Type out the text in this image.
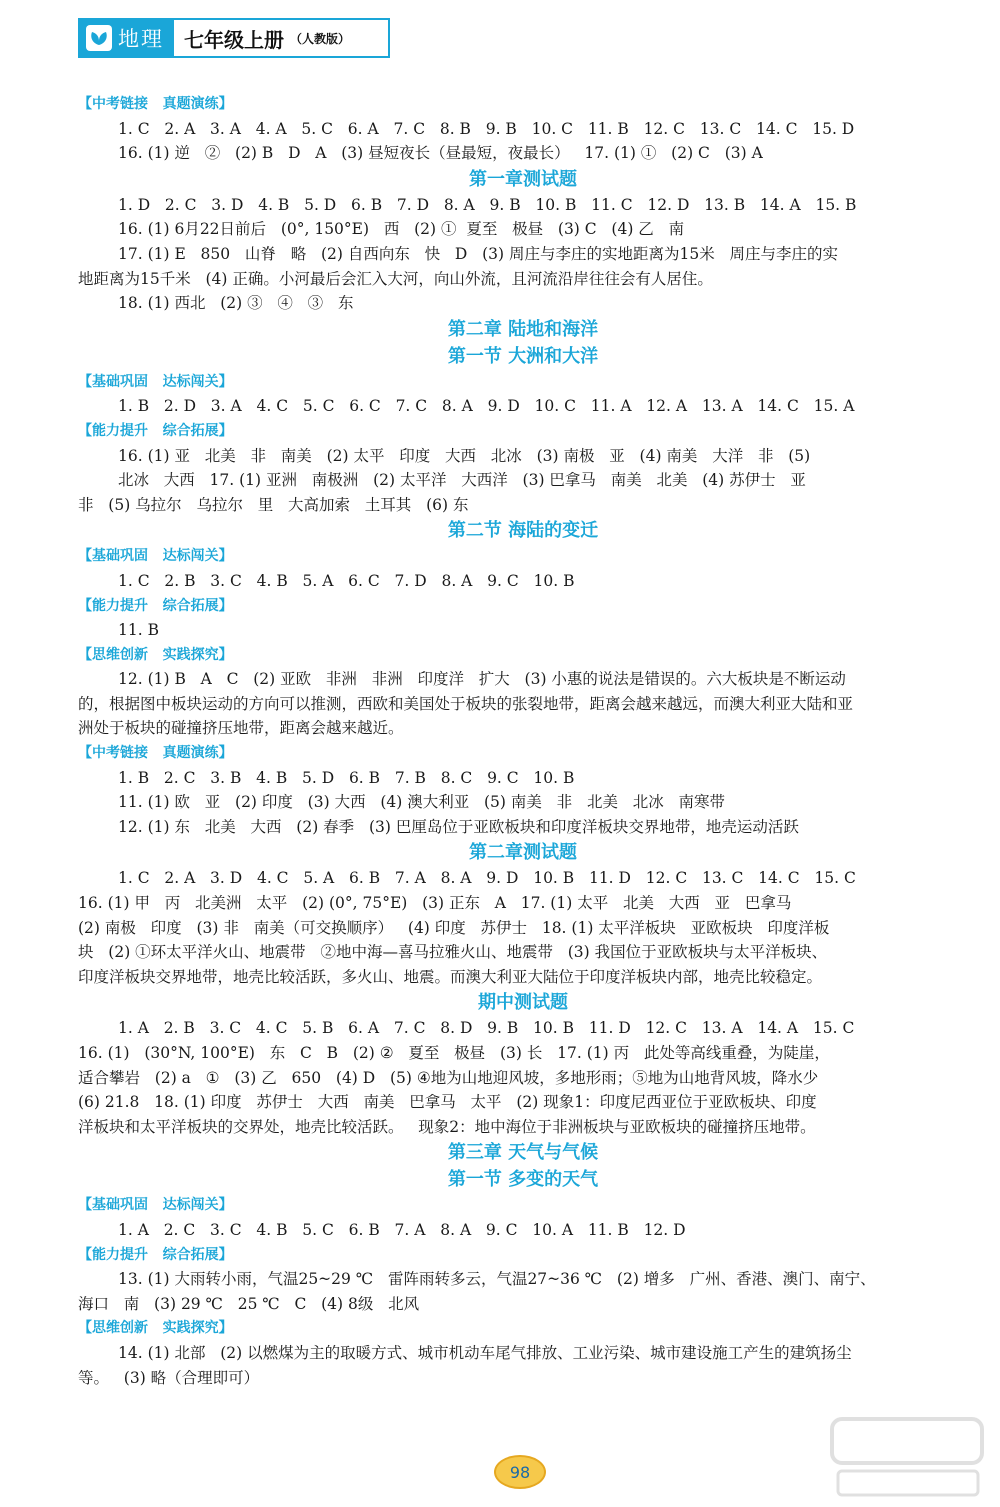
地理 七年级上册 （人教版）
【中考链接   真题演练】
1. C   2. A   3. A   4. A   5. C   6. A   7. C   8. B   9. B   10. C   11. B   12. C   13. C   14. C   15. D
16. (1) 逆   ②   (2) B   D   A   (3) 昼短夜长（昼最短，夜最长）   17. (1) ①   (2) C   (3) A
第一章测试题
1. D   2. C   3. D   4. B   5. D   6. B   7. D   8. A   9. B   10. B   11. C   12. D   13. B   14. A   15. B
16. (1) 6月22日前后   (0°, 150°E)   西   (2) ①  夏至   极昼   (3) C   (4) 乙   南
17. (1) E   850   山脊   略   (2) 自西向东   快   D   (3) 周庄与李庄的实地距离为15米   周庄与李庄的实
地距离为15千米   (4) 正确。小河最后会汇入大河，向山外流，且河流沿岸往往会有人居住。
18. (1) 西北   (2) ③   ④   ③   东
第二章 陆地和海洋
第一节 大洲和大洋
【基础巩固   达标闯关】
1. B   2. D   3. A   4. C   5. C   6. C   7. C   8. A   9. D   10. C   11. A   12. A   13. A   14. C   15. A
【能力提升   综合拓展】
16. (1) 亚   北美   非   南美   (2) 太平   印度   大西   北冰   (3) 南极   亚   (4) 南美   大洋   非   (5)
北冰   大西   17. (1) 亚洲   南极洲   (2) 太平洋   大西洋   (3) 巴拿马   南美   北美   (4) 苏伊士   亚
非   (5) 乌拉尔   乌拉尔   里   大高加索   土耳其   (6) 东
第二节 海陆的变迁
【基础巩固   达标闯关】
1. C   2. B   3. C   4. B   5. A   6. C   7. D   8. A   9. C   10. B
【能力提升   综合拓展】
11. B
【思维创新   实践探究】
12. (1) B   A   C   (2) 亚欧   非洲   非洲   印度洋   扩大   (3) 小惠的说法是错误的。六大板块是不断运动
的，根据图中板块运动的方向可以推测，西欧和美国处于板块的张裂地带，距离会越来越远，而澳大利亚大陆和亚
洲处于板块的碰撞挤压地带，距离会越来越近。
【中考链接   真题演练】
1. B   2. C   3. B   4. B   5. D   6. B   7. B   8. C   9. C   10. B
11. (1) 欧   亚   (2) 印度   (3) 大西   (4) 澳大利亚   (5) 南美   非   北美   北冰   南寒带
12. (1) 东   北美   大西   (2) 春季   (3) 巴厘岛位于亚欧板块和印度洋板块交界地带，地壳运动活跃
第二章测试题
1. C   2. A   3. D   4. C   5. A   6. B   7. A   8. A   9. D   10. B   11. D   12. C   13. C   14. C   15. C
16. (1) 甲   丙   北美洲   太平   (2) (0°, 75°E)   (3) 正东   A   17. (1) 太平   北美   大西   亚   巴拿马
(2) 南极   印度   (3) 非   南美（可交换顺序）   (4) 印度   苏伊士   18. (1) 太平洋板块   亚欧板块   印度洋板
块   (2) ①环太平洋火山、地震带   ②地中海—喜马拉雅火山、地震带   (3) 我国位于亚欧板块与太平洋板块、
印度洋板块交界地带，地壳比较活跃，多火山、地震。而澳大利亚大陆位于印度洋板块内部，地壳比较稳定。
期中测试题
1. A   2. B   3. C   4. C   5. B   6. A   7. C   8. D   9. B   10. B   11. D   12. C   13. A   14. A   15. C
16. (1)   (30°N, 100°E)   东   C   B   (2) ②   夏至   极昼   (3) 长   17. (1) 丙   此处等高线重叠，为陡崖，
适合攀岩   (2) a   ①   (3) 乙   650   (4) D   (5) ④地为山地迎风坡，多地形雨；⑤地为山地背风坡，降水少
(6) 21.8   18. (1) 印度   苏伊士   大西   南美   巴拿马   太平   (2) 现象1：印度尼西亚位于亚欧板块、印度
洋板块和太平洋板块的交界处，地壳比较活跃。   现象2：地中海位于非洲板块与亚欧板块的碰撞挤压地带。
第三章 天气与气候
第一节 多变的天气
【基础巩固   达标闯关】
1. A   2. C   3. C   4. B   5. C   6. B   7. A   8. A   9. C   10. A   11. B   12. D
【能力提升   综合拓展】
13. (1) 大雨转小雨，气温25~29 ℃   雷阵雨转多云，气温27~36 ℃   (2) 增多   广州、香港、澳门、南宁、
海口   南   (3) 29 ℃   25 ℃   C   (4) 8级   北风
【思维创新   实践探究】
14. (1) 北部   (2) 以燃煤为主的取暖方式、城市机动车尾气排放、工业污染、城市建设施工产生的建筑扬尘
等。   (3) 略（合理即可）
98
